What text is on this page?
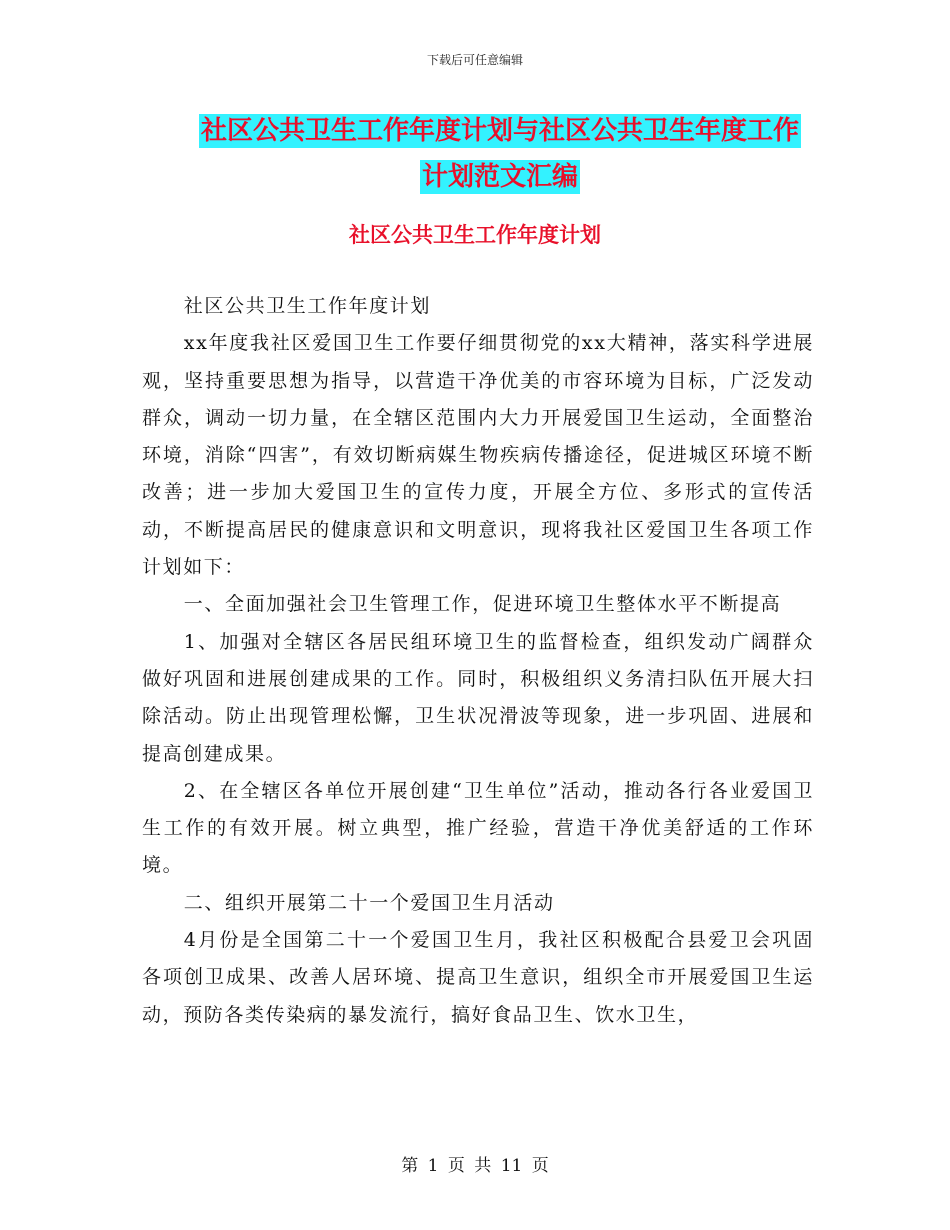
下载后可任意编辑
社区公共卫生工作年度计划与社区公共卫生年度工作
计划范文汇编
社区公共卫生工作年度计划

社区公共卫生工作年度计划

xx年度我社区爱国卫生工作要仔细贯彻党的xx大精神，落实科学进展观，坚持重要思想为指导，以营造干净优美的市容环境为目标，广泛发动群众，调动一切力量，在全辖区范围内大力开展爱国卫生运动，全面整治环境，消除“四害”，有效切断病媒生物疾病传播途径，促进城区环境不断改善；进一步加大爱国卫生的宣传力度，开展全方位、多形式的宣传活动，不断提高居民的健康意识和文明意识，现将我社区爱国卫生各项工作计划如下：

一、全面加强社会卫生管理工作，促进环境卫生整体水平不断提高

1、加强对全辖区各居民组环境卫生的监督检查，组织发动广阔群众做好巩固和进展创建成果的工作。同时，积极组织义务清扫队伍开展大扫除活动。防止出现管理松懈，卫生状况滑波等现象，进一步巩固、进展和提高创建成果。

2、在全辖区各单位开展创建“卫生单位”活动，推动各行各业爱国卫生工作的有效开展。树立典型，推广经验，营造干净优美舒适的工作环境。

二、组织开展第二十一个爱国卫生月活动

4月份是全国第二十一个爱国卫生月，我社区积极配合县爱卫会巩固各项创卫成果、改善人居环境、提高卫生意识，组织全市开展爱国卫生运动，预防各类传染病的暴发流行，搞好食品卫生、饮水卫生，

第 1 页 共 11 页
